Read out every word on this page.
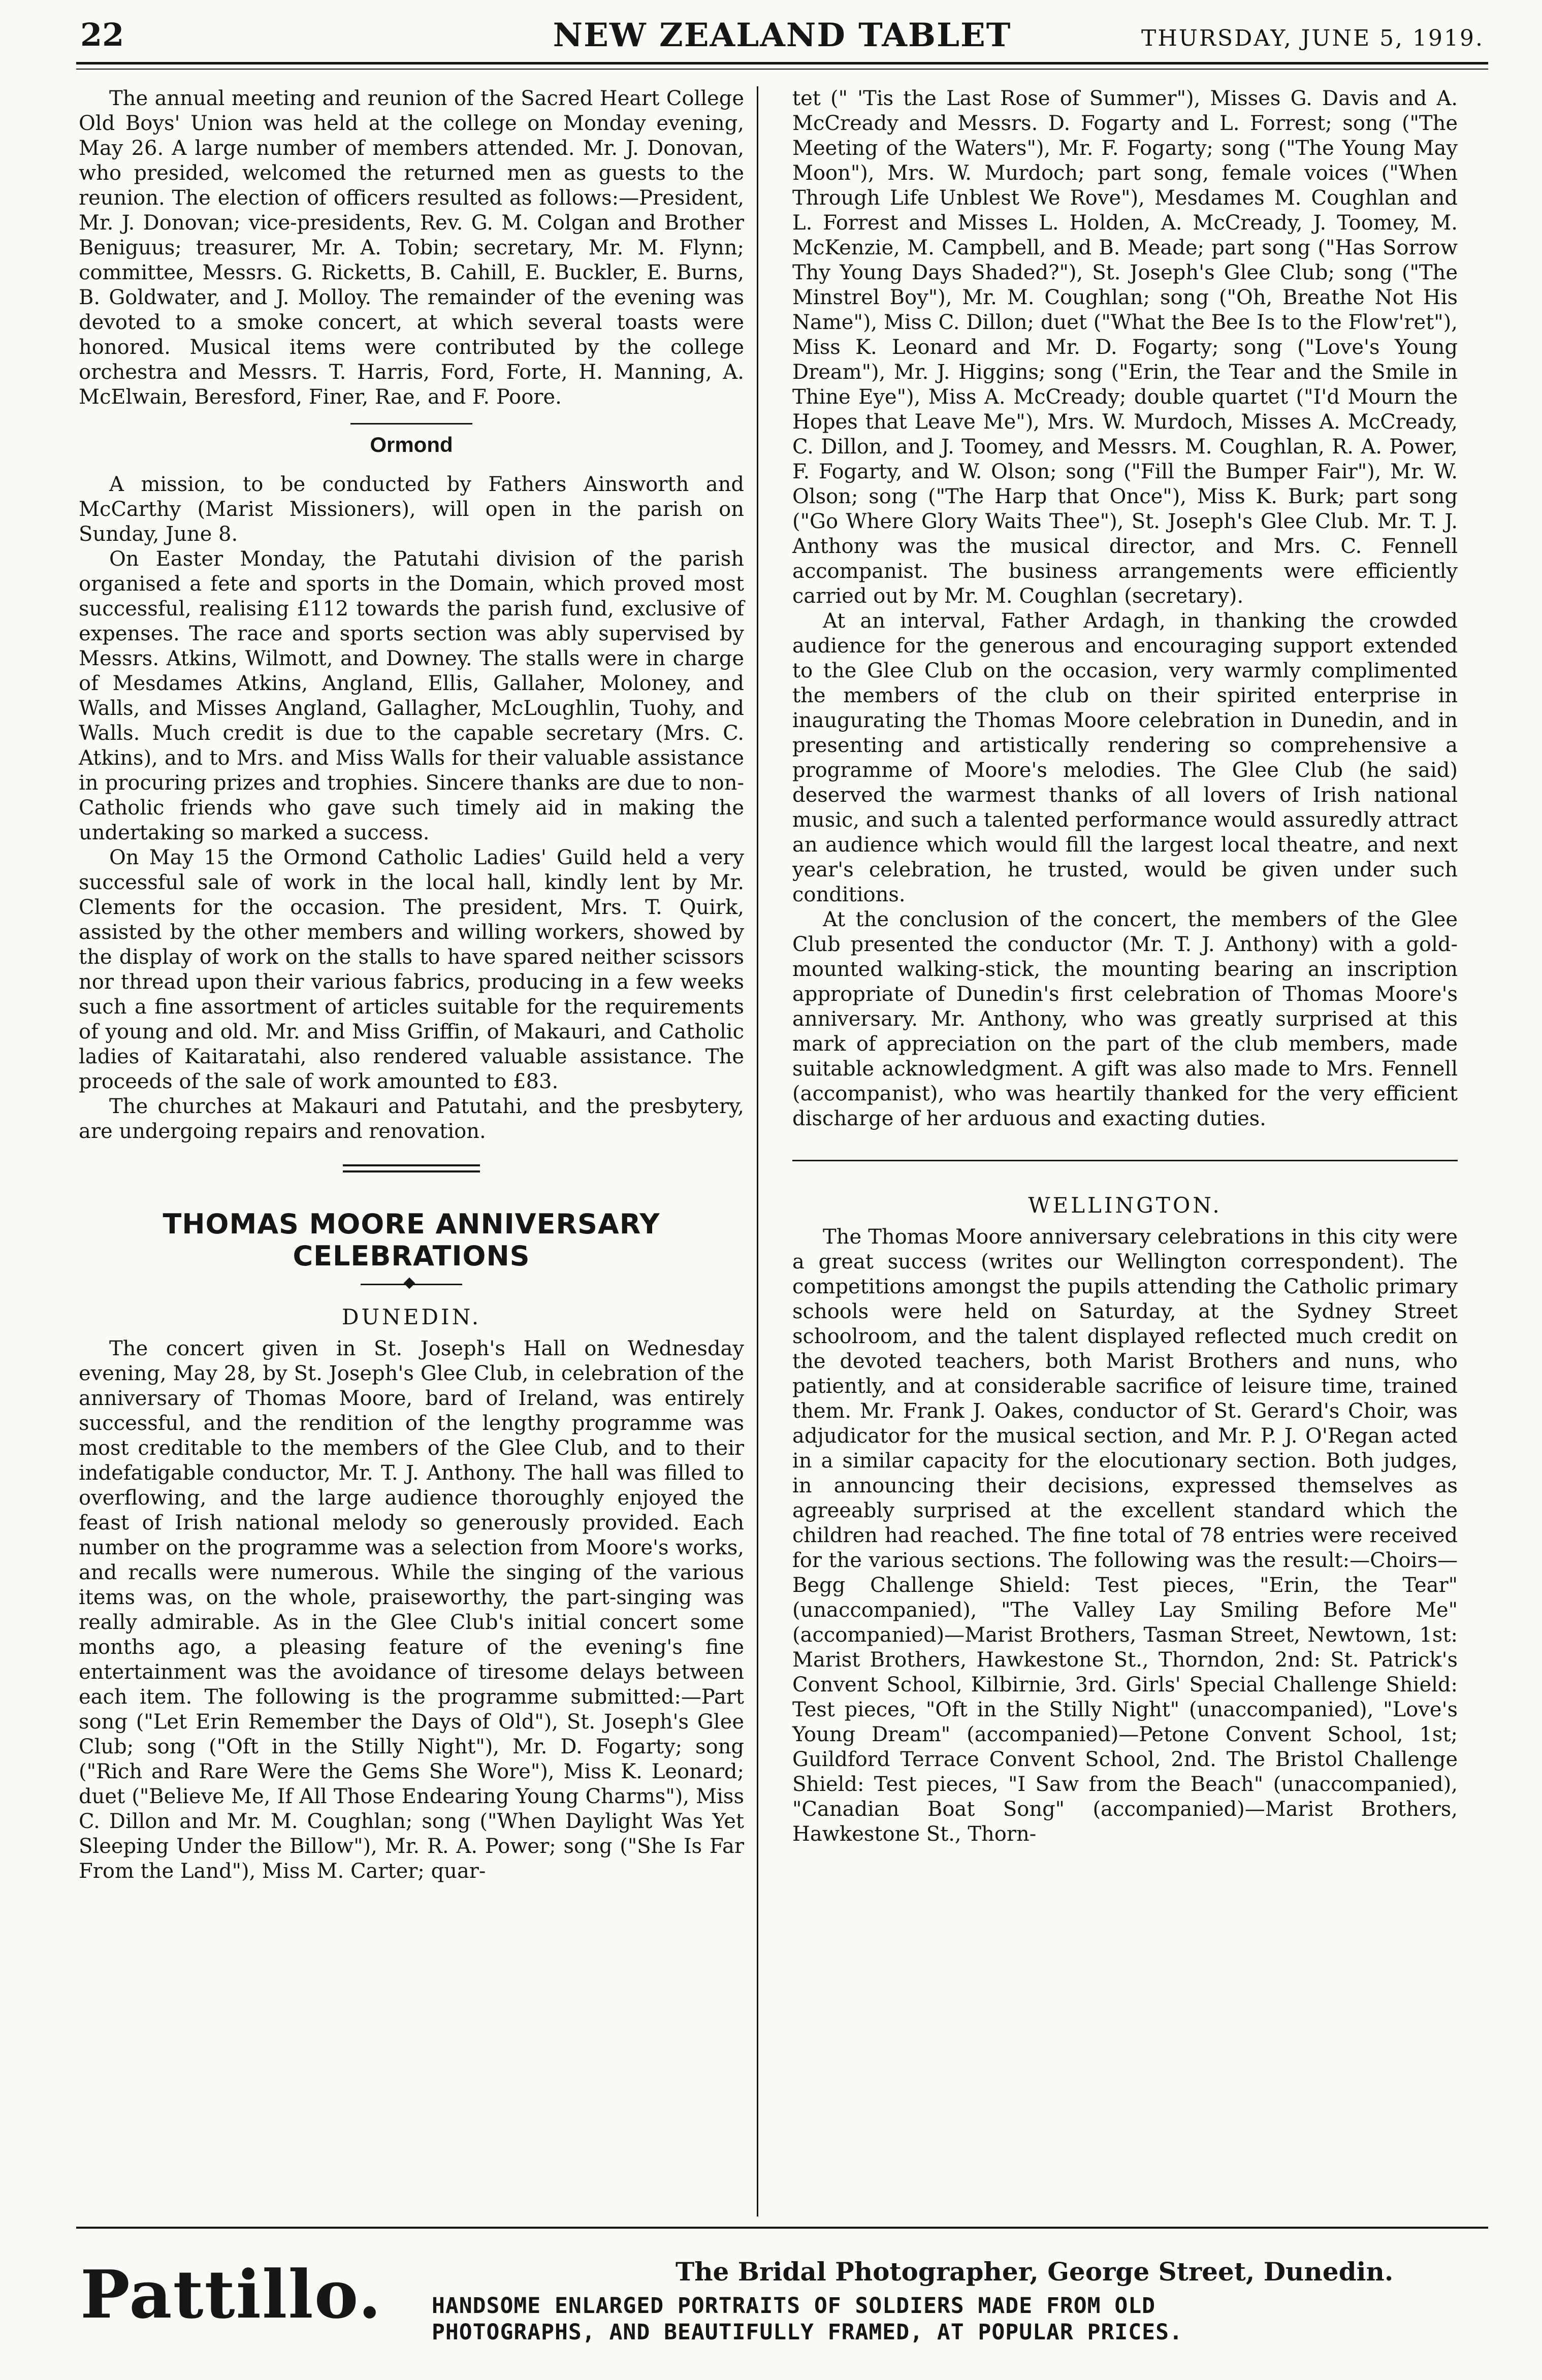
22	NEW ZEALAND TABLET	THURSDAY, JUNE 5, 1919.

The annual meeting and reunion of the Sacred Heart College Old Boys' Union was held at the college on Monday evening, May 26. A large number of members attended. Mr. J. Donovan, who presided, welcomed the returned men as guests to the reunion. The election of officers resulted as follows:—President, Mr. J. Donovan; vice-presidents, Rev. G. M. Colgan and Brother Beniguus; treasurer, Mr. A. Tobin; secretary, Mr. M. Flynn; committee, Messrs. G. Ricketts, B. Cahill, E. Buckler, E. Burns, B. Goldwater, and J. Molloy. The remainder of the evening was devoted to a smoke concert, at which several toasts were honored. Musical items were contributed by the college orchestra and Messrs. T. Harris, Ford, Forte, H. Manning, A. McElwain, Beresford, Finer, Rae, and F. Poore.

Ormond

A mission, to be conducted by Fathers Ainsworth and McCarthy (Marist Missioners), will open in the parish on Sunday, June 8.

On Easter Monday, the Patutahi division of the parish organised a fete and sports in the Domain, which proved most successful, realising £112 towards the parish fund, exclusive of expenses. The race and sports section was ably supervised by Messrs. Atkins, Wilmott, and Downey. The stalls were in charge of Mesdames Atkins, Angland, Ellis, Gallaher, Moloney, and Walls, and Misses Angland, Gallagher, McLoughlin, Tuohy, and Walls. Much credit is due to the capable secretary (Mrs. C. Atkins), and to Mrs. and Miss Walls for their valuable assistance in procuring prizes and trophies. Sincere thanks are due to non-Catholic friends who gave such timely aid in making the undertaking so marked a success.

On May 15 the Ormond Catholic Ladies' Guild held a very successful sale of work in the local hall, kindly lent by Mr. Clements for the occasion. The president, Mrs. T. Quirk, assisted by the other members and willing workers, showed by the display of work on the stalls to have spared neither scissors nor thread upon their various fabrics, producing in a few weeks such a fine assortment of articles suitable for the requirements of young and old. Mr. and Miss Griffin, of Makauri, and Catholic ladies of Kaitaratahi, also rendered valuable assistance. The proceeds of the sale of work amounted to £83.

The churches at Makauri and Patutahi, and the presbytery, are undergoing repairs and renovation.

THOMAS MOORE ANNIVERSARY CELEBRATIONS
DUNEDIN.

The concert given in St. Joseph's Hall on Wednesday evening, May 28, by St. Joseph's Glee Club, in celebration of the anniversary of Thomas Moore, bard of Ireland, was entirely successful, and the rendition of the lengthy programme was most creditable to the members of the Glee Club, and to their indefatigable conductor, Mr. T. J. Anthony. The hall was filled to overflowing, and the large audience thoroughly enjoyed the feast of Irish national melody so generously provided. Each number on the programme was a selection from Moore's works, and recalls were numerous. While the singing of the various items was, on the whole, praiseworthy, the part-singing was really admirable. As in the Glee Club's initial concert some months ago, a pleasing feature of the evening's fine entertainment was the avoidance of tiresome delays between each item. The following is the programme submitted:—Part song ("Let Erin Remember the Days of Old"), St. Joseph's Glee Club; song ("Oft in the Stilly Night"), Mr. D. Fogarty; song ("Rich and Rare Were the Gems She Wore"), Miss K. Leonard; duet ("Believe Me, If All Those Endearing Young Charms"), Miss C. Dillon and Mr. M. Coughlan; song ("When Daylight Was Yet Sleeping Under the Billow"), Mr. R. A. Power; song ("She Is Far From the Land"), Miss M. Carter; quar-

tet (" 'Tis the Last Rose of Summer"), Misses G. Davis and A. McCready and Messrs. D. Fogarty and L. Forrest; song ("The Meeting of the Waters"), Mr. F. Fogarty; song ("The Young May Moon"), Mrs. W. Murdoch; part song, female voices ("When Through Life Unblest We Rove"), Mesdames M. Coughlan and L. Forrest and Misses L. Holden, A. McCready, J. Toomey, M. McKenzie, M. Campbell, and B. Meade; part song ("Has Sorrow Thy Young Days Shaded?"), St. Joseph's Glee Club; song ("The Minstrel Boy"), Mr. M. Coughlan; song ("Oh, Breathe Not His Name"), Miss C. Dillon; duet ("What the Bee Is to the Flow'ret"), Miss K. Leonard and Mr. D. Fogarty; song ("Love's Young Dream"), Mr. J. Higgins; song ("Erin, the Tear and the Smile in Thine Eye"), Miss A. McCready; double quartet ("I'd Mourn the Hopes that Leave Me"), Mrs. W. Murdoch, Misses A. McCready, C. Dillon, and J. Toomey, and Messrs. M. Coughlan, R. A. Power, F. Fogarty, and W. Olson; song ("Fill the Bumper Fair"), Mr. W. Olson; song ("The Harp that Once"), Miss K. Burk; part song ("Go Where Glory Waits Thee"), St. Joseph's Glee Club. Mr. T. J. Anthony was the musical director, and Mrs. C. Fennell accompanist. The business arrangements were efficiently carried out by Mr. M. Coughlan (secretary).

At an interval, Father Ardagh, in thanking the crowded audience for the generous and encouraging support extended to the Glee Club on the occasion, very warmly complimented the members of the club on their spirited enterprise in inaugurating the Thomas Moore celebration in Dunedin, and in presenting and artistically rendering so comprehensive a programme of Moore's melodies. The Glee Club (he said) deserved the warmest thanks of all lovers of Irish national music, and such a talented performance would assuredly attract an audience which would fill the largest local theatre, and next year's celebration, he trusted, would be given under such conditions.

At the conclusion of the concert, the members of the Glee Club presented the conductor (Mr. T. J. Anthony) with a gold-mounted walking-stick, the mounting bearing an inscription appropriate of Dunedin's first celebration of Thomas Moore's anniversary. Mr. Anthony, who was greatly surprised at this mark of appreciation on the part of the club members, made suitable acknowledgment. A gift was also made to Mrs. Fennell (accompanist), who was heartily thanked for the very efficient discharge of her arduous and exacting duties.

WELLINGTON.

The Thomas Moore anniversary celebrations in this city were a great success (writes our Wellington correspondent). The competitions amongst the pupils attending the Catholic primary schools were held on Saturday, at the Sydney Street schoolroom, and the talent displayed reflected much credit on the devoted teachers, both Marist Brothers and nuns, who patiently, and at considerable sacrifice of leisure time, trained them. Mr. Frank J. Oakes, conductor of St. Gerard's Choir, was adjudicator for the musical section, and Mr. P. J. O'Regan acted in a similar capacity for the elocutionary section. Both judges, in announcing their decisions, expressed themselves as agreeably surprised at the excellent standard which the children had reached. The fine total of 78 entries were received for the various sections. The following was the result:—Choirs—Begg Challenge Shield: Test pieces, "Erin, the Tear" (unaccompanied), "The Valley Lay Smiling Before Me" (accompanied)—Marist Brothers, Tasman Street, Newtown, 1st: Marist Brothers, Hawkestone St., Thorndon, 2nd: St. Patrick's Convent School, Kilbirnie, 3rd. Girls' Special Challenge Shield: Test pieces, "Oft in the Stilly Night" (unaccompanied), "Love's Young Dream" (accompanied)—Petone Convent School, 1st; Guildford Terrace Convent School, 2nd. The Bristol Challenge Shield: Test pieces, "I Saw from the Beach" (unaccompanied), "Canadian Boat Song" (accompanied)—Marist Brothers, Hawkestone St., Thorn-

Pattillo.	The Bridal Photographer, George Street, Dunedin.
HANDSOME ENLARGED PORTRAITS OF SOLDIERS MADE FROM OLD
PHOTOGRAPHS, AND BEAUTIFULLY FRAMED, AT POPULAR PRICES.
